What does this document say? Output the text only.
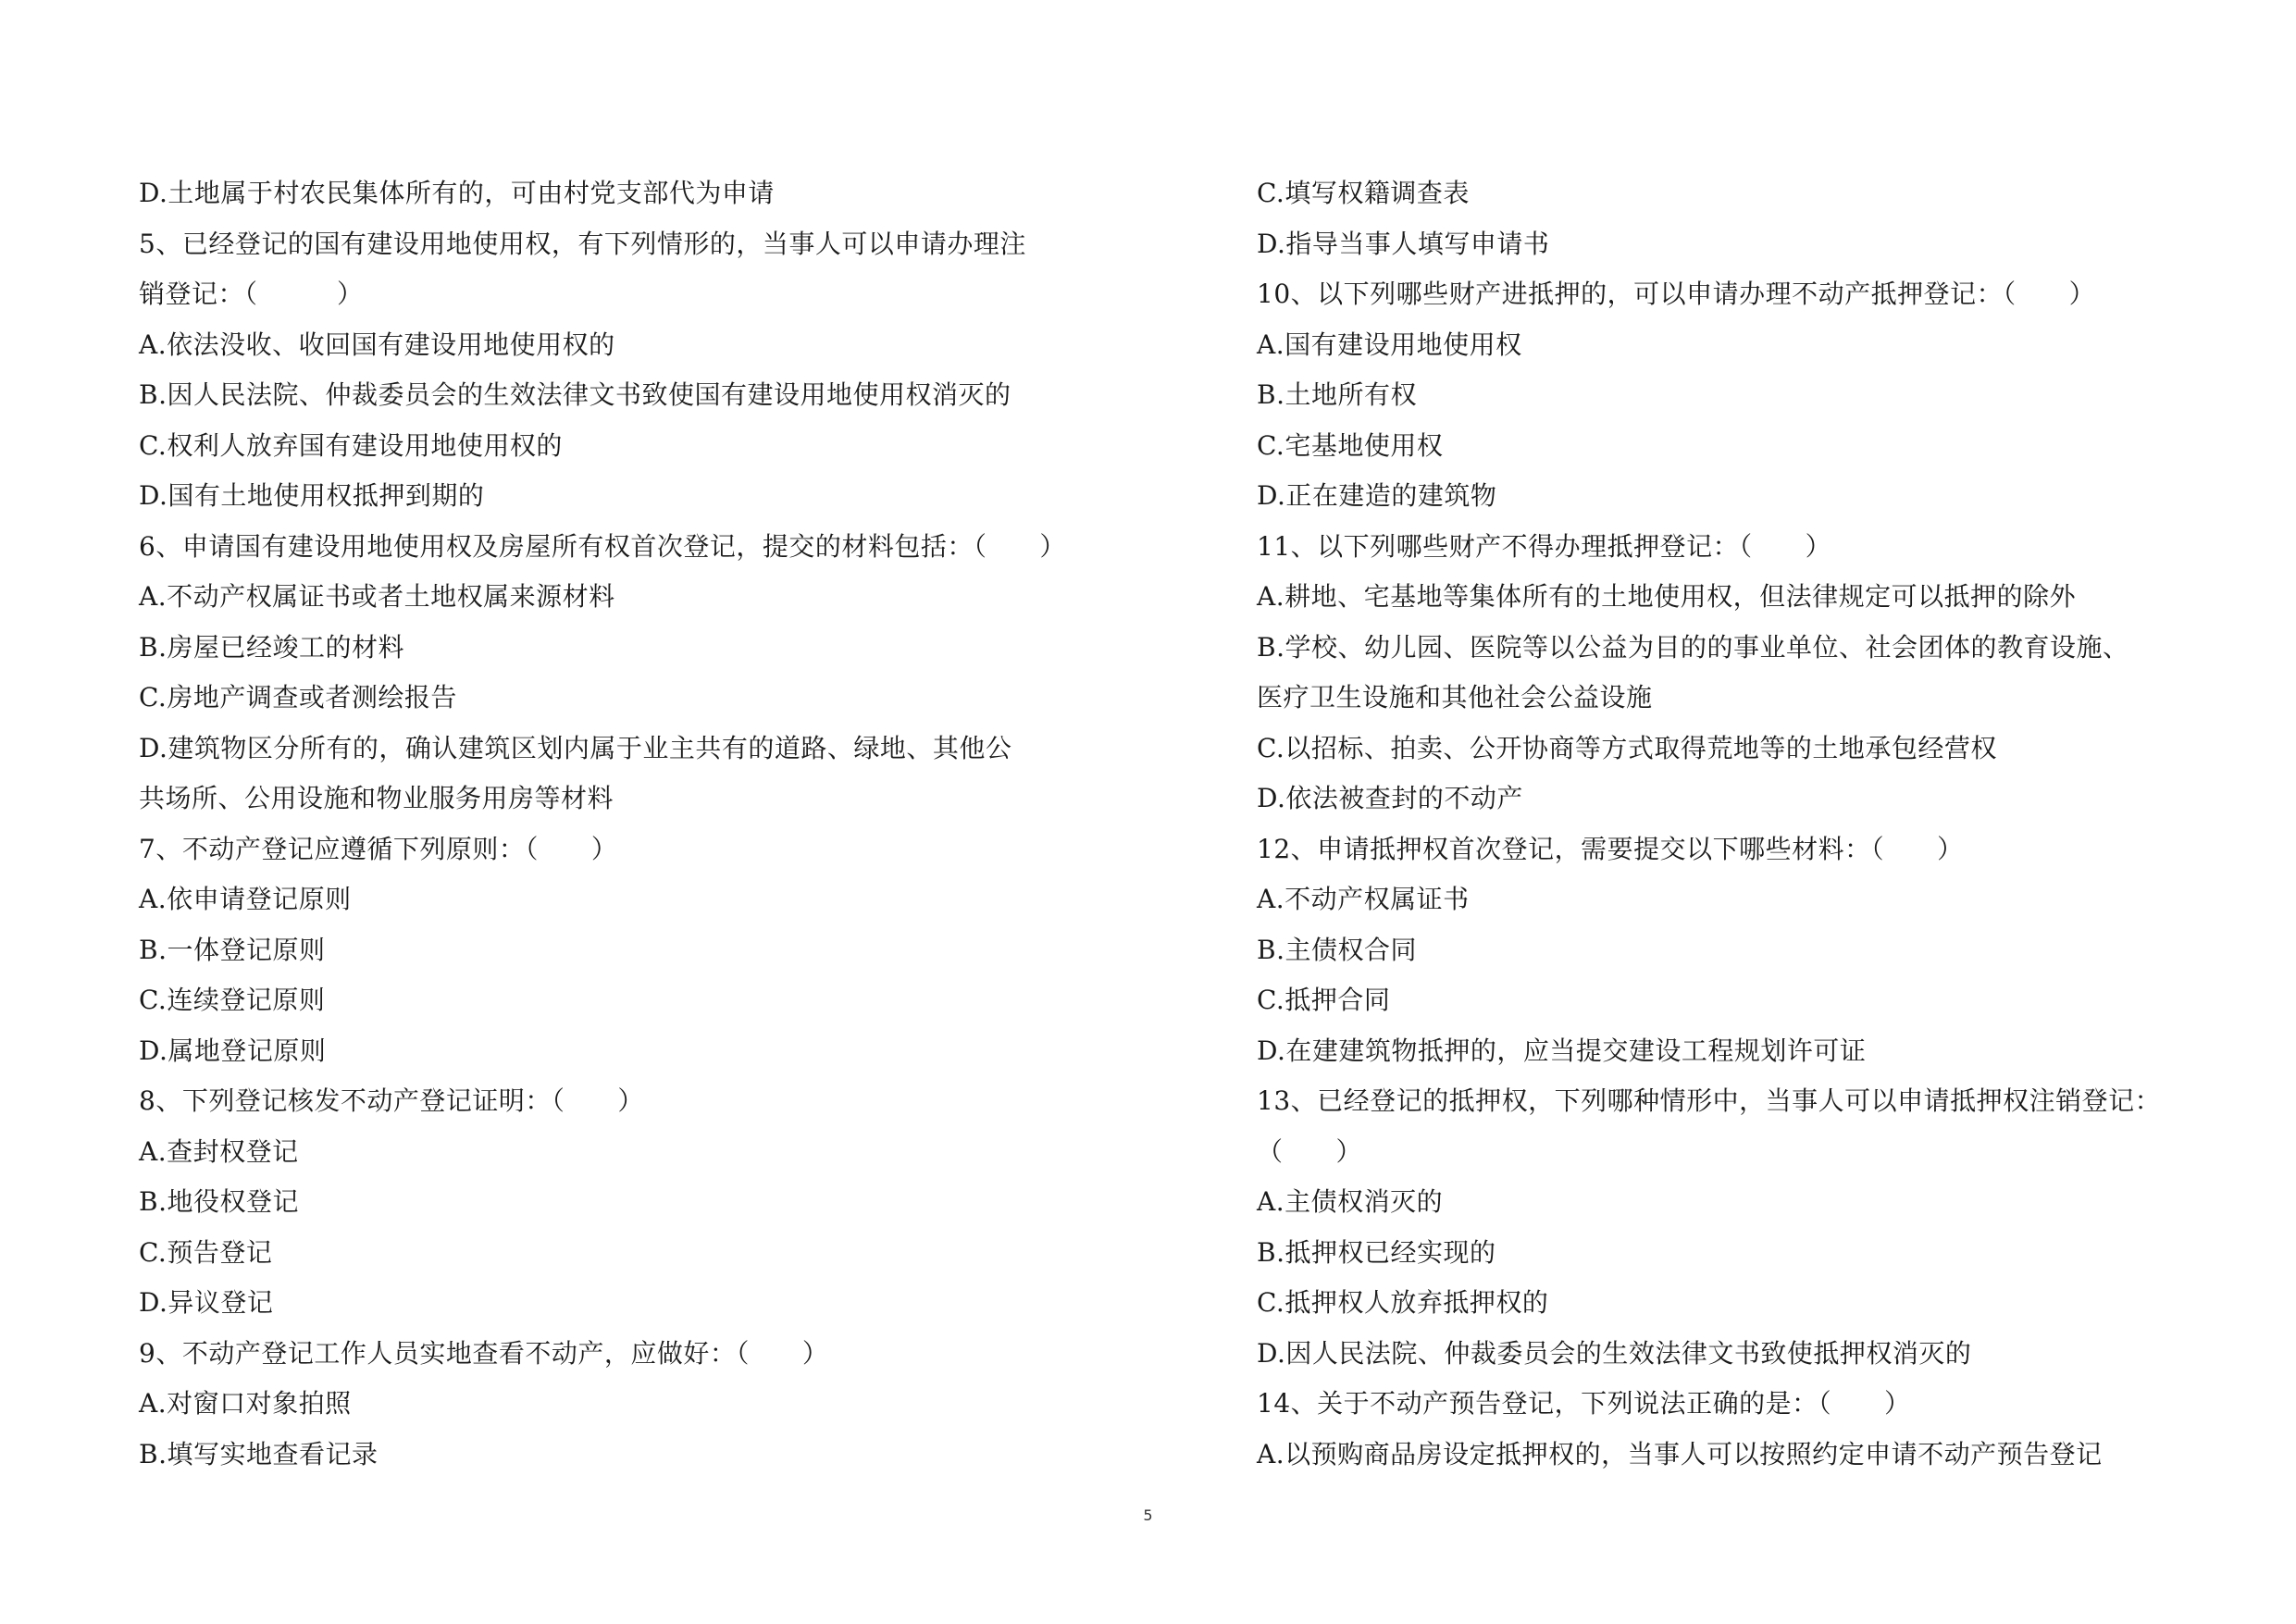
D.土地属于村农民集体所有的，可由村党支部代为申请
5、已经登记的国有建设用地使用权，有下列情形的，当事人可以申请办理注
销登记：（　　　）
A.依法没收、收回国有建设用地使用权的
B.因人民法院、仲裁委员会的生效法律文书致使国有建设用地使用权消灭的
C.权利人放弃国有建设用地使用权的
D.国有土地使用权抵押到期的
6、申请国有建设用地使用权及房屋所有权首次登记，提交的材料包括：（　　）
A.不动产权属证书或者土地权属来源材料
B.房屋已经竣工的材料
C.房地产调查或者测绘报告
D.建筑物区分所有的，确认建筑区划内属于业主共有的道路、绿地、其他公
共场所、公用设施和物业服务用房等材料
7、不动产登记应遵循下列原则：（　　）
A.依申请登记原则
B.一体登记原则
C.连续登记原则
D.属地登记原则
8、下列登记核发不动产登记证明：（　　）
A.查封权登记
B.地役权登记
C.预告登记
D.异议登记
9、不动产登记工作人员实地查看不动产，应做好：（　　）
A.对窗口对象拍照
B.填写实地查看记录
C.填写权籍调查表
D.指导当事人填写申请书
10、以下列哪些财产进抵押的，可以申请办理不动产抵押登记：（　　）
A.国有建设用地使用权
B.土地所有权
C.宅基地使用权
D.正在建造的建筑物
11、以下列哪些财产不得办理抵押登记：（　　）
A.耕地、宅基地等集体所有的土地使用权，但法律规定可以抵押的除外
B.学校、幼儿园、医院等以公益为目的的事业单位、社会团体的教育设施、
医疗卫生设施和其他社会公益设施
C.以招标、拍卖、公开协商等方式取得荒地等的土地承包经营权
D.依法被查封的不动产
12、申请抵押权首次登记，需要提交以下哪些材料：（　　）
A.不动产权属证书
B.主债权合同
C.抵押合同
D.在建建筑物抵押的，应当提交建设工程规划许可证
13、已经登记的抵押权，下列哪种情形中，当事人可以申请抵押权注销登记：
（　　）
A.主债权消灭的
B.抵押权已经实现的
C.抵押权人放弃抵押权的
D.因人民法院、仲裁委员会的生效法律文书致使抵押权消灭的
14、关于不动产预告登记，下列说法正确的是：（　　）
A.以预购商品房设定抵押权的，当事人可以按照约定申请不动产预告登记
5
